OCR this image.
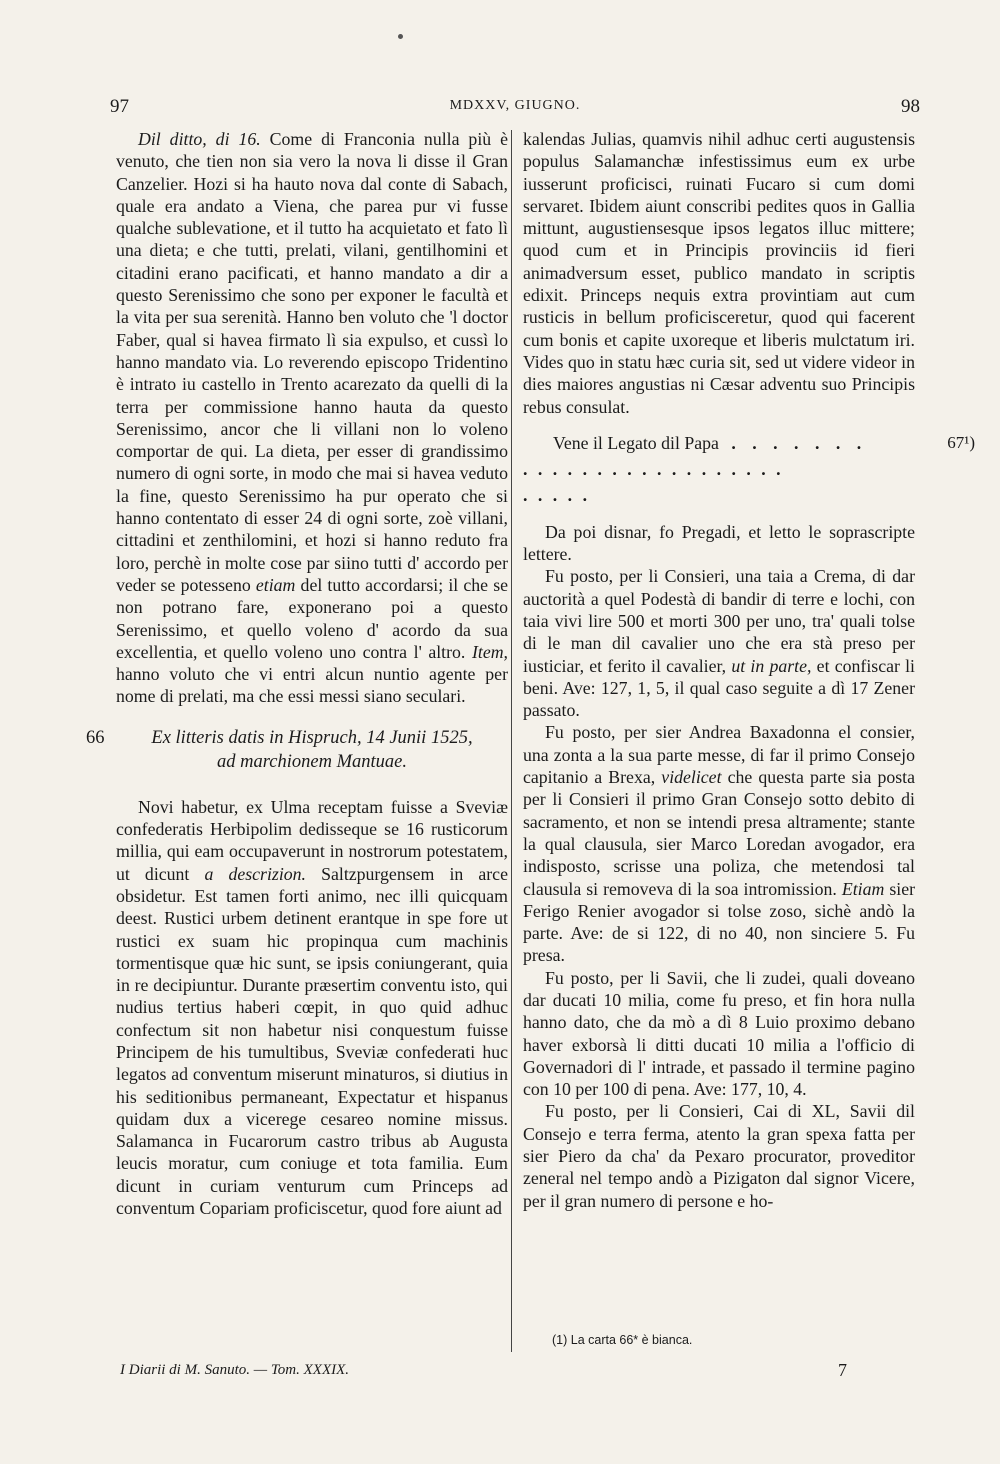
97	MDXXV, GIUGNO.	98

Dil ditto, di 16. Come di Franconia nulla più è venuto, che tien non sia vero la nova li disse il Gran Canzelier. Hozi si ha hauto nova dal conte di Sabach, quale era andato a Viena, che parea pur vi fusse qualche sublevatione, et il tutto ha acquietato et fato lì una dieta; e che tutti, prelati, vilani, gentilhomini et citadini erano pacificati, et hanno mandato a dir a questo Serenissimo che sono per exponer le facultà et la vita per sua serenità. Hanno ben voluto che 'l doctor Faber, qual si havea firmato lì sia expulso, et cussì lo hanno mandato via. Lo reverendo episcopo Tridentino è intrato iu castello in Trento acarezato da quelli di la terra per commissione hanno hauta da questo Serenissimo, ancor che li villani non lo voleno comportar de qui. La dieta, per esser di grandissimo numero di ogni sorte, in modo che mai si havea veduto la fine, questo Serenissimo ha pur operato che si hanno contentato di esser 24 di ogni sorte, zoè villani, cittadini et zenthilomini, et hozi si hanno reduto fra loro, perchè in molte cose par siino tutti d' accordo per veder se potesseno etiam del tutto accordarsi; il che se non potrano fare, exponerano poi a questo Serenissimo, et quello voleno d' acordo da sua excellentia, et quello voleno uno contra l' altro. Item, hanno voluto che vi entri alcun nuntio agente per nome di prelati, ma che essi messi siano seculari.

66	Ex litteris datis in Hispruch, 14 Junii 1525,
ad marchionem Mantuae.

Novi habetur, ex Ulma receptam fuisse a Sveviæ confederatis Herbipolim dedisseque se 16 rusticorum millia, qui eam occupaverunt in nostrorum potestatem, ut dicunt a descrizion. Saltzpurgensem in arce obsidetur. Est tamen forti animo, nec illi quicquam deest. Rustici urbem detinent erantque in spe fore ut rustici ex suam hic propinqua cum machinis tormentisque quæ hic sunt, se ipsis coniungerant, quia in re decipiuntur. Durante præsertim conventu isto, qui nudius tertius haberi cœpit, in quo quid adhuc confectum sit non habetur nisi conquestum fuisse Principem de his tumultibus, Sveviæ confederati huc legatos ad conventum miserunt minaturos, si diutius in his seditionibus permaneant, Expectatur et hispanus quidam dux a vicerege cesareo nomine missus. Salamanca in Fucarorum castro tribus ab Augusta leucis moratur, cum coniuge et tota familia. Eum dicunt in curiam venturum cum Princeps ad conventum Copariam proficiscetur, quod fore aiunt ad

kalendas Julias, quamvis nihil adhuc certi augustensis populus Salamanchæ infestissimus eum ex urbe iusserunt proficisci, ruinati Fucaro si cum domi servaret. Ibidem aiunt conscribi pedites quos in Gallia mittunt, augustiensesque ipsos legatos illuc mittere; quod cum et in Principis provinciis id fieri animadversum esset, publico mandato in scriptis edixit. Princeps nequis extra provintiam aut cum rusticis in bellum proficisceretur, quod qui facerent cum bonis et capite uxoreque et liberis mulctatum iri. Vides quo in statu hæc curia sit, sed ut videre videor in dies maiores angustias ni Cæsar adventu suo Principis rebus consulat.

Vene il Legato dil Papa . . . . . . .	67¹)
. . . . . . . . . . . . . . . . . .
. . . . .

Da poi disnar, fo Pregadi, et letto le soprascripte lettere.

Fu posto, per li Consieri, una taia a Crema, di dar auctorità a quel Podestà di bandir di terre e lochi, con taia vivi lire 500 et morti 300 per uno, tra' quali tolse di le man dil cavalier uno che era stà preso per iusticiar, et ferito il cavalier, ut in parte, et confiscar li beni. Ave: 127, 1, 5, il qual caso seguite a dì 17 Zener passato.

Fu posto, per sier Andrea Baxadonna el consier, una zonta a la sua parte messe, di far il primo Consejo capitanio a Brexa, videlicet che questa parte sia posta per li Consieri il primo Gran Consejo sotto debito di sacramento, et non se intendi presa altramente; stante la qual clausula, sier Marco Loredan avogador, era indisposto, scrisse una poliza, che metendosi tal clausula si removeva di la soa intromission. Etiam sier Ferigo Renier avogador si tolse zoso, sichè andò la parte. Ave: de si 122, di no 40, non sinciere 5. Fu presa.

Fu posto, per li Savii, che li zudei, quali doveano dar ducati 10 milia, come fu preso, et fin hora nulla hanno dato, che da mò a dì 8 Luio proximo debano haver exborsà li ditti ducati 10 milia a l'officio di Governadori di l' intrade, et passado il termine pagino con 10 per 100 di pena. Ave: 177, 10, 4.

Fu posto, per li Consieri, Cai di XL, Savii dil Consejo e terra ferma, atento la gran spexa fatta per sier Piero da cha' da Pexaro procurator, proveditor zeneral nel tempo andò a Pizigaton dal signor Vicere, per il gran numero di persone e ho-

(1) La carta 66* è bianca.
I Diarii di M. Sanuto. — Tom. XXXIX.	7
